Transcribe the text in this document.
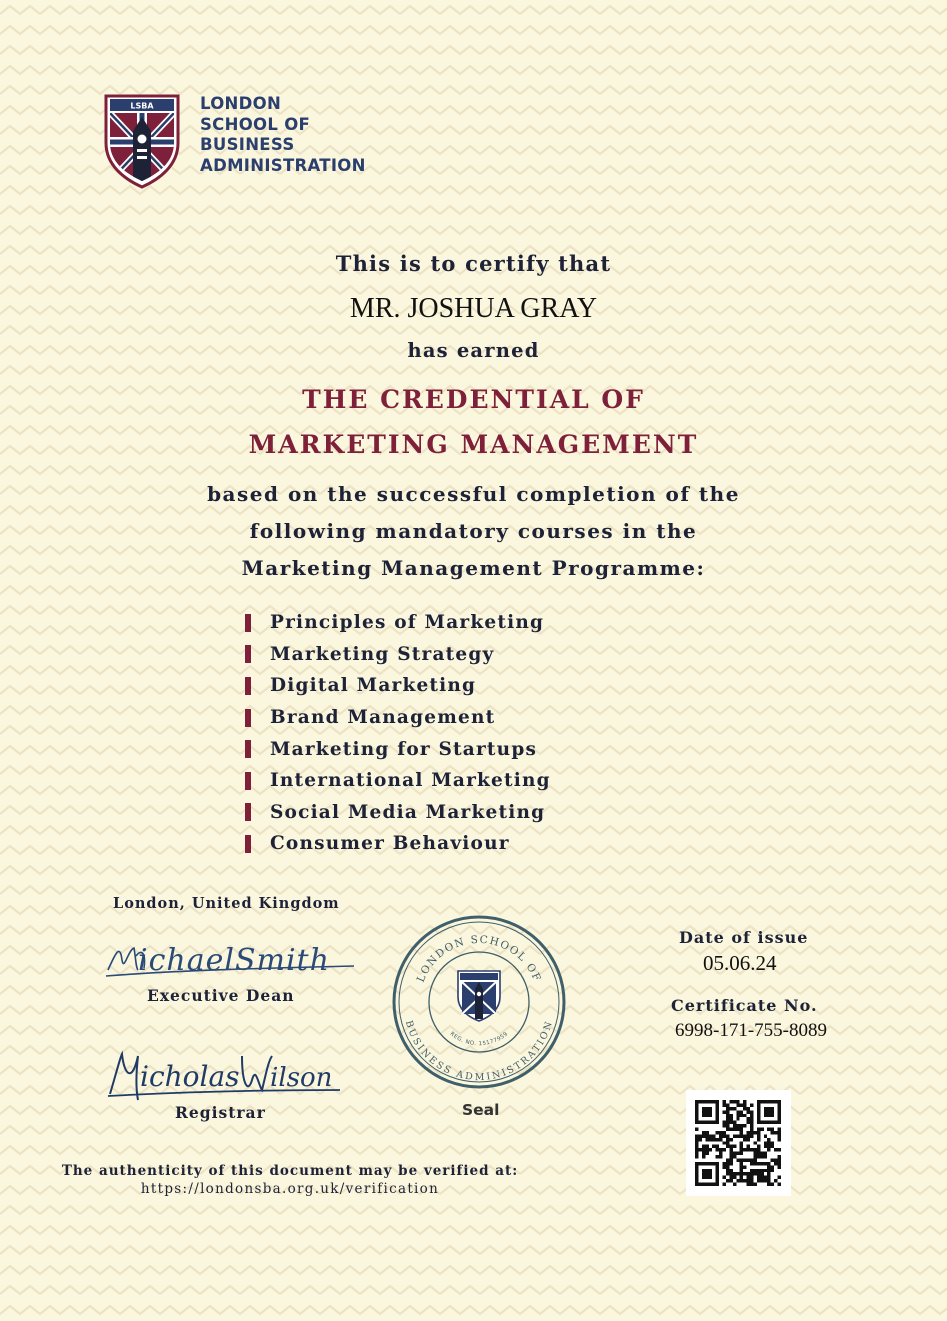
LSBA	LONDON
SCHOOL OF
BUSINESS
ADMINISTRATION
This is to certify that
MR. JOSHUA GRAY
has earned
THE CREDENTIAL OF
MARKETING MANAGEMENT
based on the successful completion of the
following mandatory courses in the
Marketing Management Programme:
Principles of Marketing
Marketing Strategy
Digital Marketing
Brand Management
Marketing for Startups
International Marketing
Social Media Marketing
Consumer Behaviour
London, United Kingdom
ichaelSmith
Executive Dean
icholas ilson
Registrar
LONDON SCHOOL OF
BUSINESS ADMINISTRATION
REG. NO. 15177959
Seal
Date of issue
05.06.24
Certificate No.
6998-171-755-8089
The authenticity of this document may be verified at:
https://londonsba.org.uk/verification
